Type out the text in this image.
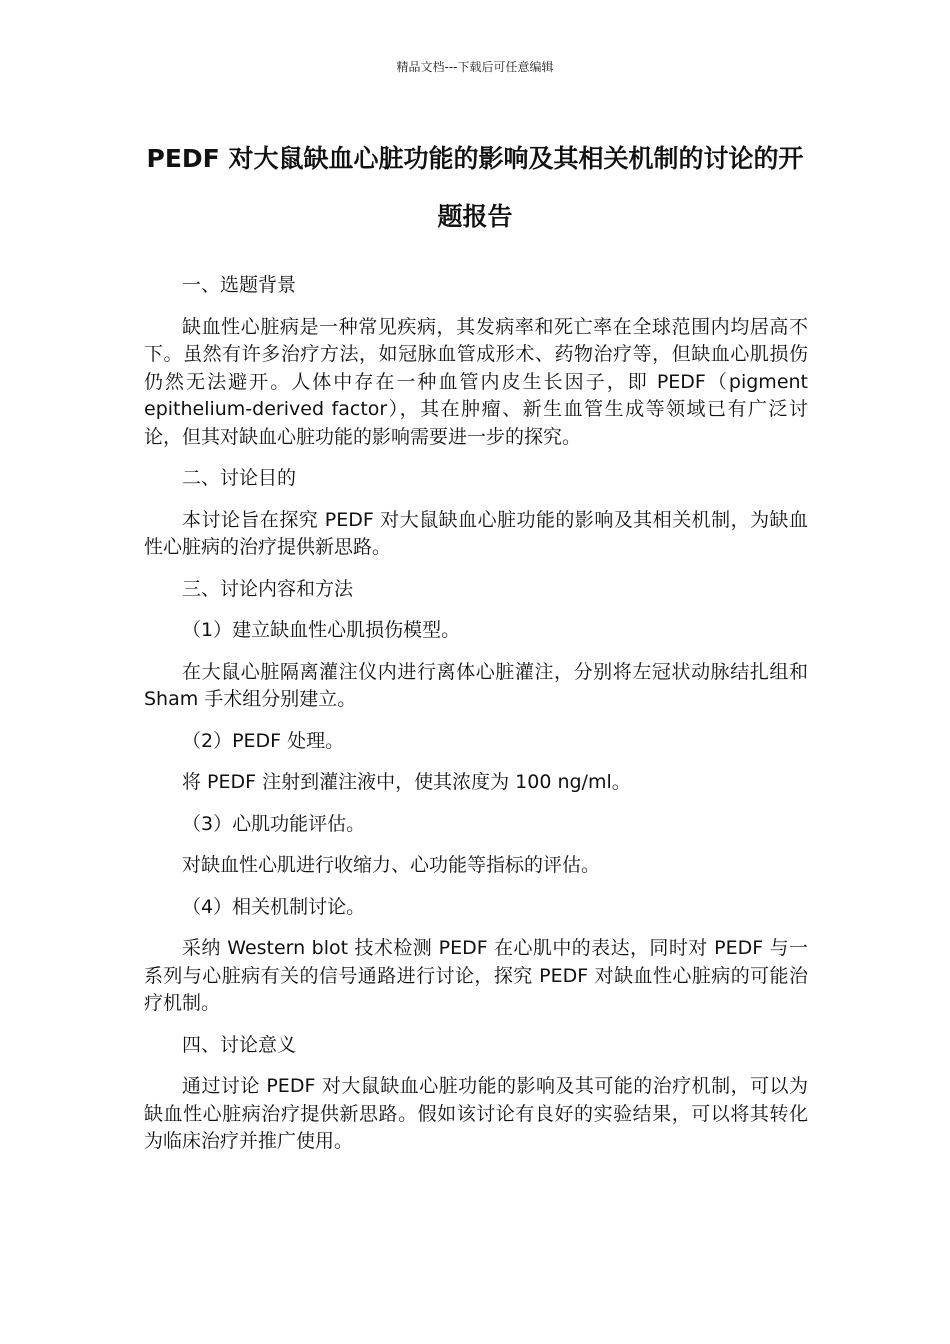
精品文档---下载后可任意编辑
PEDF 对大鼠缺血心脏功能的影响及其相关机制的讨论的开题报告

一、选题背景

缺血性心脏病是一种常见疾病，其发病率和死亡率在全球范围内均居高不下。虽然有许多治疗方法，如冠脉血管成形术、药物治疗等，但缺血心肌损伤仍然无法避开。人体中存在一种血管内皮生长因子，即 PEDF（pigment epithelium-derived factor），其在肿瘤、新生血管生成等领域已有广泛讨论，但其对缺血心脏功能的影响需要进一步的探究。

二、讨论目的

本讨论旨在探究 PEDF 对大鼠缺血心脏功能的影响及其相关机制，为缺血性心脏病的治疗提供新思路。

三、讨论内容和方法

（1）建立缺血性心肌损伤模型。

在大鼠心脏隔离灌注仪内进行离体心脏灌注，分别将左冠状动脉结扎组和 Sham 手术组分别建立。

（2）PEDF 处理。

将 PEDF 注射到灌注液中，使其浓度为 100 ng/ml。

（3）心肌功能评估。

对缺血性心肌进行收缩力、心功能等指标的评估。

（4）相关机制讨论。

采纳 Western blot 技术检测 PEDF 在心肌中的表达，同时对 PEDF 与一系列与心脏病有关的信号通路进行讨论，探究 PEDF 对缺血性心脏病的可能治疗机制。

四、讨论意义

通过讨论 PEDF 对大鼠缺血心脏功能的影响及其可能的治疗机制，可以为缺血性心脏病治疗提供新思路。假如该讨论有良好的实验结果，可以将其转化为临床治疗并推广使用。
